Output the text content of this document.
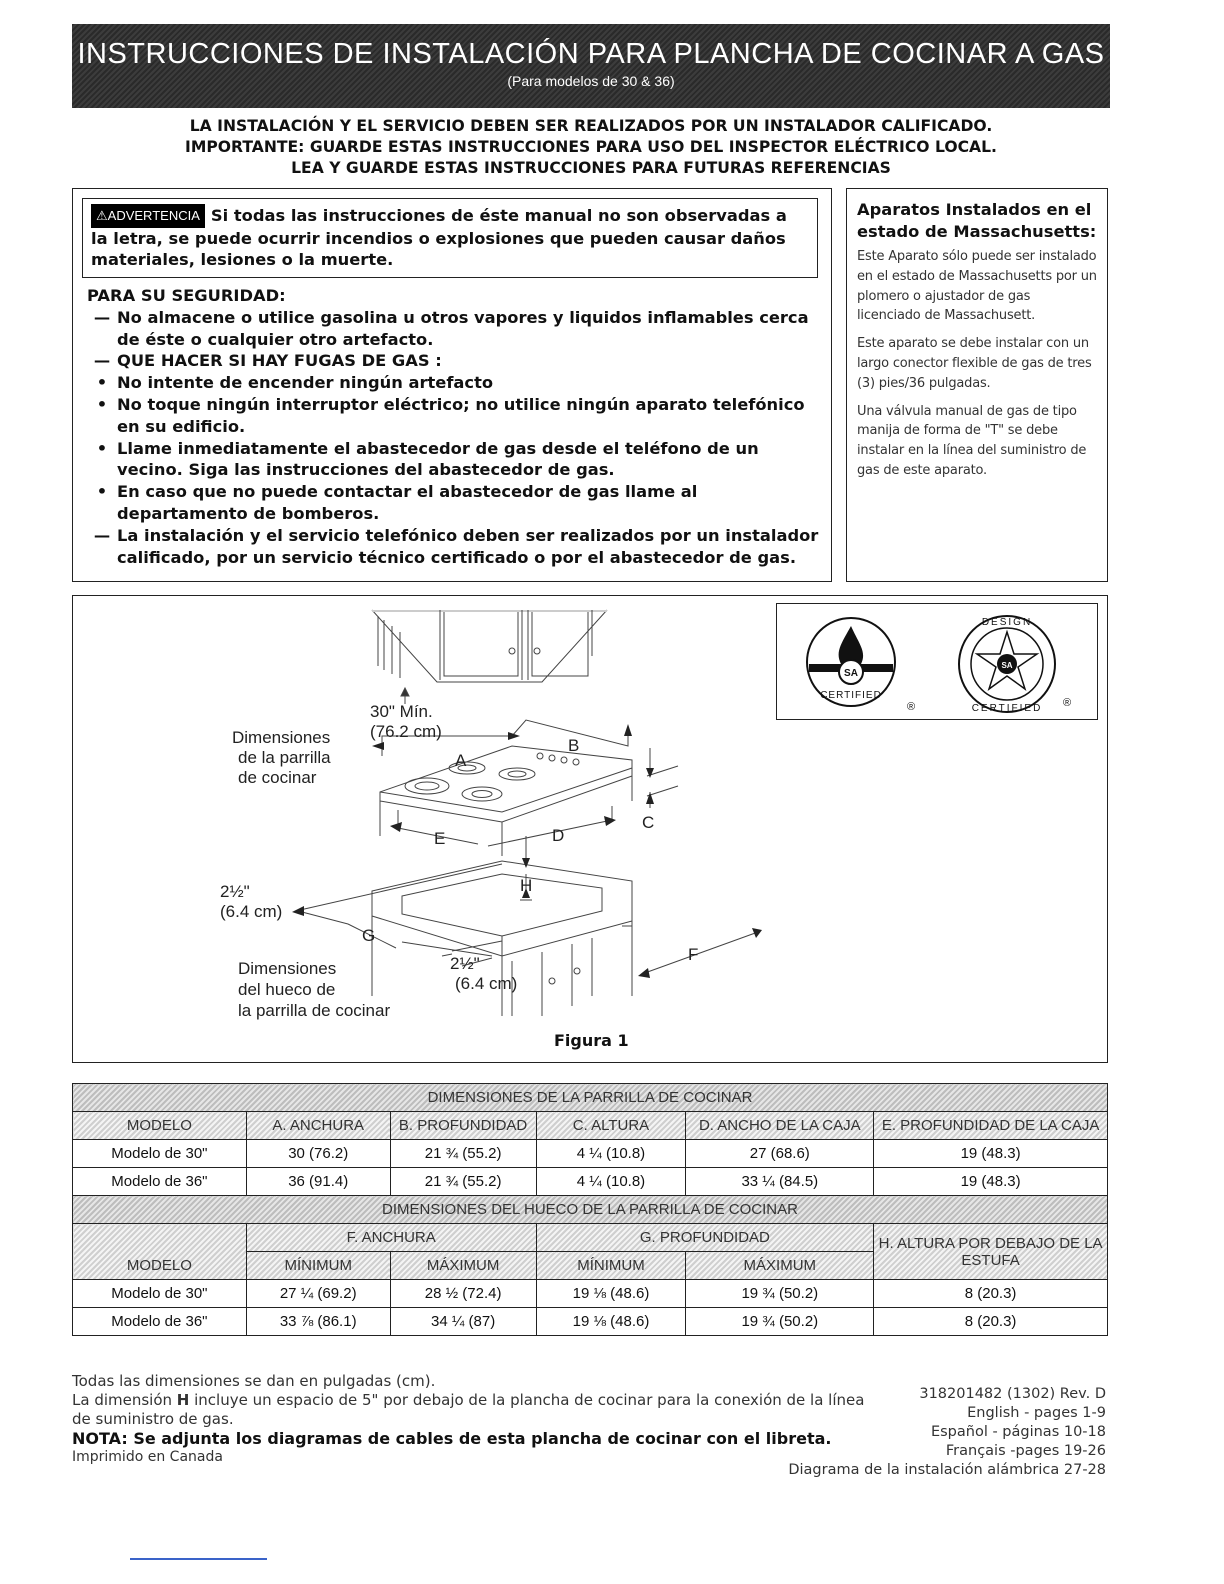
INSTRUCCIONES DE INSTALACIÓN PARA PLANCHA DE COCINAR A GAS
(Para modelos de 30 & 36)
LA INSTALACIÓN Y EL SERVICIO DEBEN SER REALIZADOS POR UN INSTALADOR CALIFICADO.
IMPORTANTE: GUARDE ESTAS INSTRUCCIONES PARA USO DEL INSPECTOR ELÉCTRICO LOCAL.
LEA Y GUARDE ESTAS INSTRUCCIONES PARA FUTURAS REFERENCIAS
⚠ADVERTENCIA Si todas las instrucciones de éste manual no son observadas a la letra, se puede ocurrir incendios o explosiones que pueden causar daños materiales, lesiones o la muerte.
PARA SU SEGURIDAD:
— No almacene o utilice gasolina u otros vapores y liquidos inflamables cerca de éste o cualquier otro artefacto.
— QUE HACER SI HAY FUGAS DE GAS :
• No intente de encender ningún artefacto
• No toque ningún interruptor eléctrico; no utilice ningún aparato telefónico en su edificio.
• Llame inmediatamente el abastecedor de gas desde el teléfono de un vecino. Siga las instrucciones del abastecedor de gas.
• En caso que no puede contactar el abastecedor de gas llame al departamento de bomberos.
— La instalación y el servicio telefónico deben ser realizados por un instalador calificado, por un servicio técnico certificado o por el abastecedor de gas.
Aparatos Instalados en el estado de Massachusetts:
Este Aparato sólo puede ser instalado en el estado de Massachusetts por un plomero o ajustador de gas licenciado de Massachusett.
Este aparato se debe instalar con un largo conector flexible de gas de tres (3) pies/36 pulgadas.
Una válvula manual de gas de tipo manija de forma de "T" se debe instalar en la línea del suministro de gas de este aparato.
30" Mín.
(76.2 cm)
Dimensiones
de la parrilla
de cocinar
A
B
C
D
E
F
G
H
2½"
(6.4 cm)
2½"
(6.4 cm)
Dimensiones
del hueco de
la parrilla de cocinar
Figura 1
SA
CERTIFIED
®
SA
DESIGN
CERTIFIED ®
DIMENSIONES DE LA PARRILLA DE COCINAR					
MODELO	A. ANCHURA	B. PROFUNDIDAD	C. ALTURA	D. ANCHO DE LA CAJA	E. PROFUNDIDAD DE LA CAJA
Modelo de 30"	30 (76.2)	21 ¾ (55.2)	4 ¼ (10.8)	27 (68.6)	19 (48.3)
Modelo de 36"	36 (91.4)	21 ¾ (55.2)	4 ¼ (10.8)	33 ¼ (84.5)	19 (48.3)
DIMENSIONES DEL HUECO DE LA PARRILLA DE COCINAR					
MODELO	F. ANCHURA		G. PROFUNDIDAD		H. ALTURA POR DEBAJO DE LA ESTUFA
	MÍNIMUM	MÁXIMUM	MÍNIMUM	MÁXIMUM	
Modelo de 30"	27 ¼ (69.2)	28 ½ (72.4)	19 ⅛ (48.6)	19 ¾ (50.2)	8 (20.3)
Modelo de 36"	33 ⅞ (86.1)	34 ¼ (87)	19 ⅛ (48.6)	19 ¾ (50.2)	8 (20.3)
Todas las dimensiones se dan en pulgadas (cm).
La dimensión H incluye un espacio de 5" por debajo de la plancha de cocinar para la conexión de la línea de suministro de gas.
NOTA: Se adjunta los diagramas de cables de esta plancha de cocinar con el libreta.
Imprimido en Canada
318201482 (1302) Rev. D
English - pages 1-9
Español - páginas 10-18
Français -pages 19-26
Diagrama de la instalación alámbrica 27-28
